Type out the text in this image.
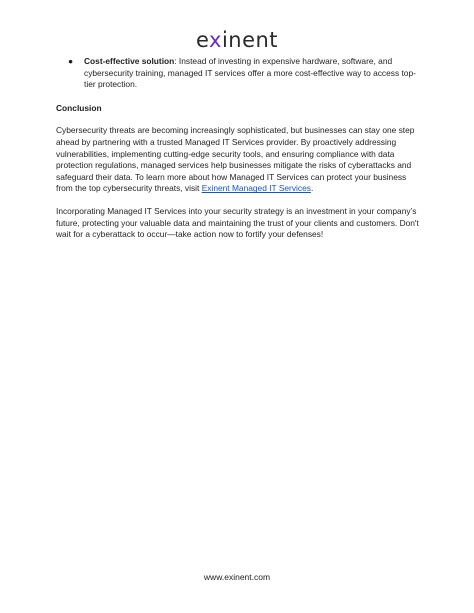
exinent
●	Cost-effective solution: Instead of investing in expensive hardware, software, and cybersecurity training, managed IT services offer a more cost-effective way to access top-tier protection.
Conclusion
Cybersecurity threats are becoming increasingly sophisticated, but businesses can stay one step ahead by partnering with a trusted Managed IT Services provider. By proactively addressing vulnerabilities, implementing cutting-edge security tools, and ensuring compliance with data protection regulations, managed services help businesses mitigate the risks of cyberattacks and safeguard their data. To learn more about how Managed IT Services can protect your business from the top cybersecurity threats, visit Exinent Managed IT Services.
Incorporating Managed IT Services into your security strategy is an investment in your company’s future, protecting your valuable data and maintaining the trust of your clients and customers. Don't wait for a cyberattack to occur—take action now to fortify your defenses!
www.exinent.com
